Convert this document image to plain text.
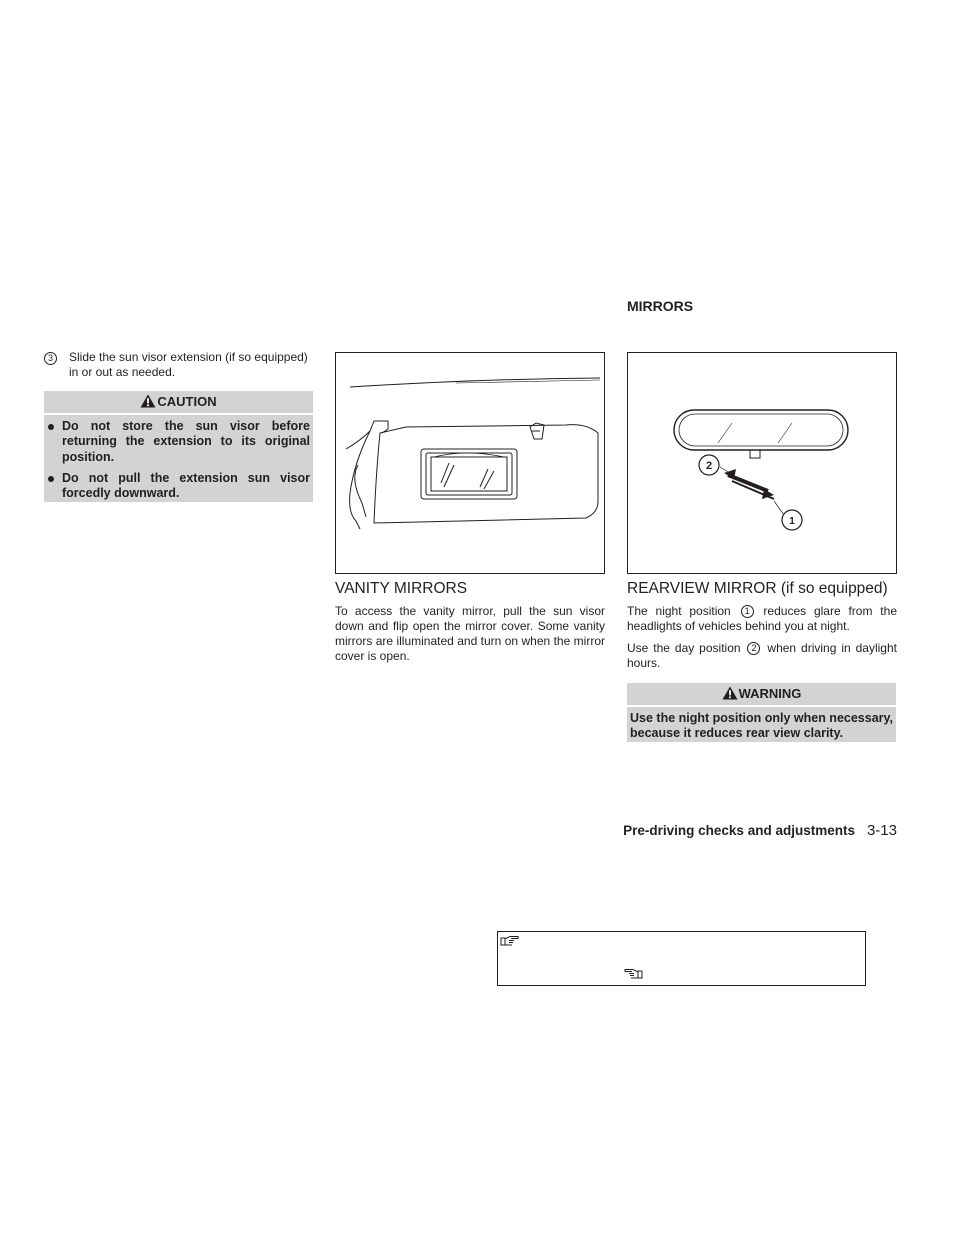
3	Slide the sun visor extension (if so equipped) in or out as needed.
CAUTION
Do not store the sun visor before returning the extension to its original position.
Do not pull the extension sun visor forcedly downward.
VANITY MIRRORS

To access the vanity mirror, pull the sun visor down and flip open the mirror cover. Some vanity mirrors are illuminated and turn on when the mirror cover is open.

MIRRORS
2
1
REARVIEW MIRROR (if so equipped)

The night position 1 reduces glare from the headlights of vehicles behind you at night.

Use the day position 2 when driving in daylight hours.

WARNING
Use the night position only when necessary, because it reduces rear view clarity.
Pre-driving checks and adjustments 3-13
